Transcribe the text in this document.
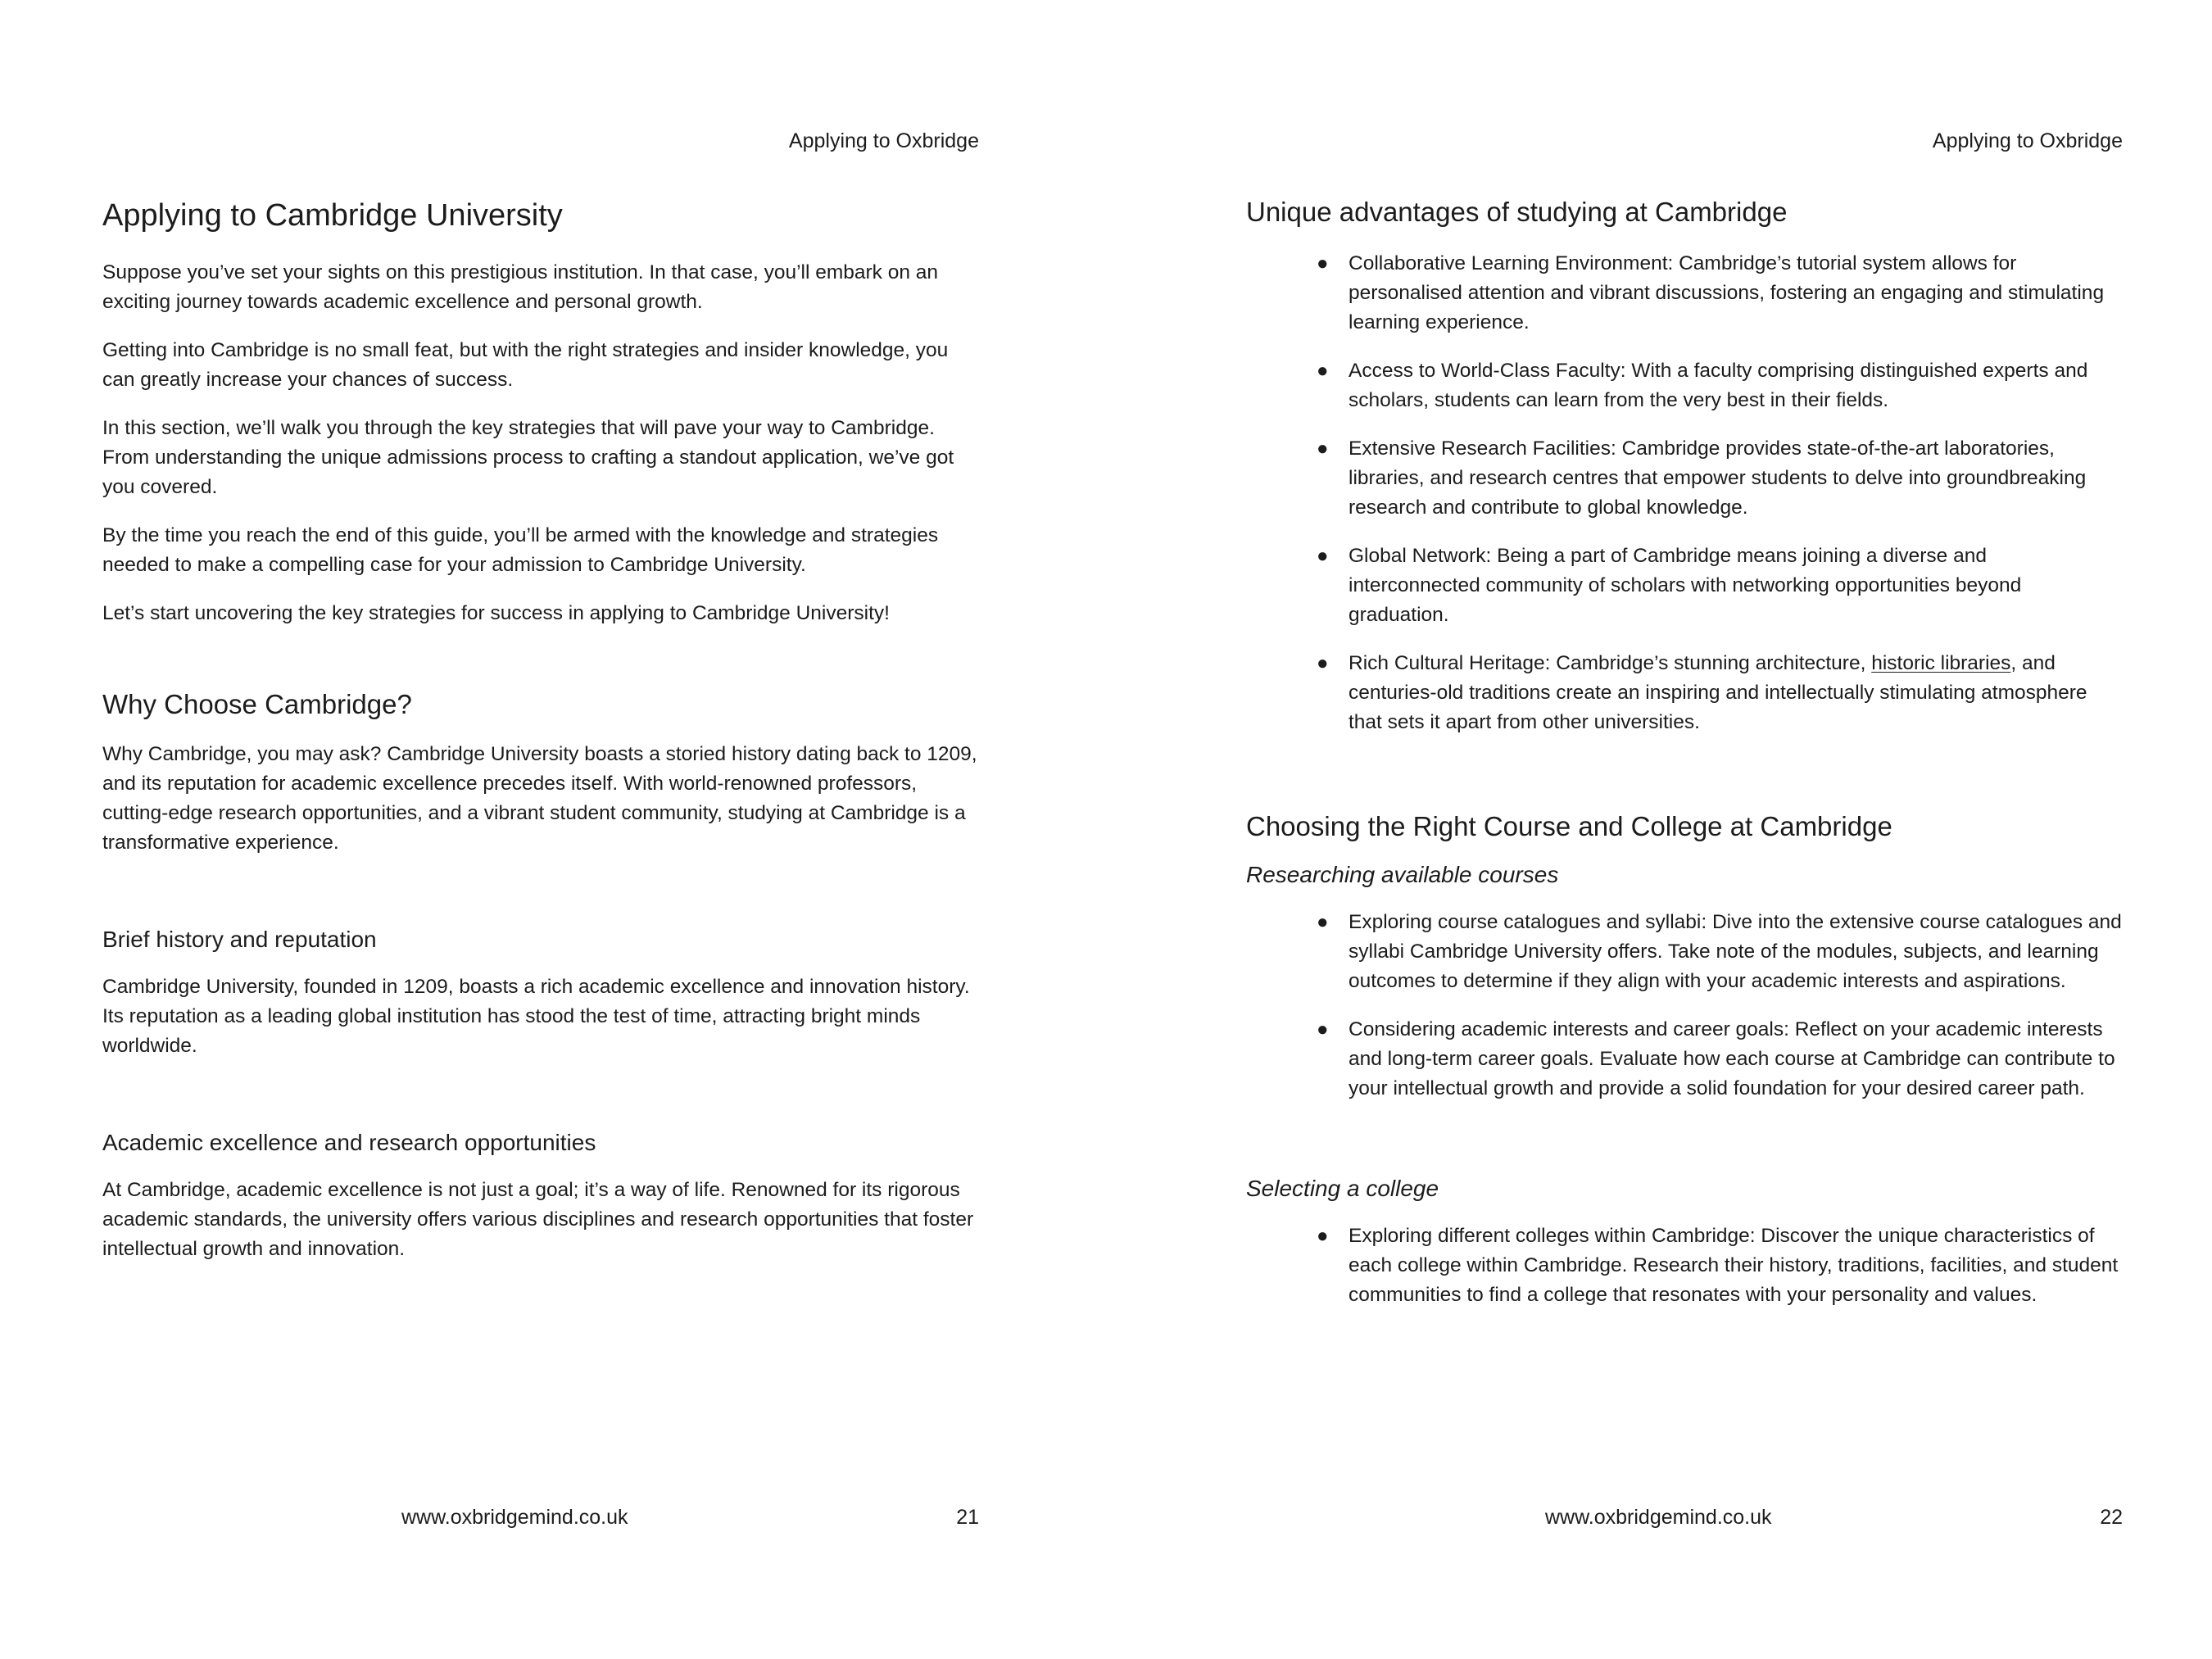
Applying to Oxbridge
Applying to Cambridge University

Suppose you’ve set your sights on this prestigious institution. In that case, you’ll embark on an exciting journey towards academic excellence and personal growth.

Getting into Cambridge is no small feat, but with the right strategies and insider knowledge, you can greatly increase your chances of success.

In this section, we’ll walk you through the key strategies that will pave your way to Cambridge. From understanding the unique admissions process to crafting a standout application, we’ve got you covered.

By the time you reach the end of this guide, you’ll be armed with the knowledge and strategies needed to make a compelling case for your admission to Cambridge University.

Let’s start uncovering the key strategies for success in applying to Cambridge University!

Why Choose Cambridge?

Why Cambridge, you may ask? Cambridge University boasts a storied history dating back to 1209, and its reputation for academic excellence precedes itself. With world-renowned professors, cutting-edge research opportunities, and a vibrant student community, studying at Cambridge is a transformative experience.

Brief history and reputation

Cambridge University, founded in 1209, boasts a rich academic excellence and innovation history. Its reputation as a leading global institution has stood the test of time, attracting bright minds worldwide.

Academic excellence and research opportunities

At Cambridge, academic excellence is not just a goal; it’s a way of life. Renowned for its rigorous academic standards, the university offers various disciplines and research opportunities that foster intellectual growth and innovation.

www.oxbridgemind.co.uk	21
Applying to Oxbridge
Unique advantages of studying at Cambridge
● Collaborative Learning Environment: Cambridge’s tutorial system allows for personalised attention and vibrant discussions, fostering an engaging and stimulating learning experience.
● Access to World-Class Faculty: With a faculty comprising distinguished experts and scholars, students can learn from the very best in their fields.
● Extensive Research Facilities: Cambridge provides state-of-the-art laboratories, libraries, and research centres that empower students to delve into groundbreaking research and contribute to global knowledge.
● Global Network: Being a part of Cambridge means joining a diverse and interconnected community of scholars with networking opportunities beyond graduation.
● Rich Cultural Heritage: Cambridge’s stunning architecture, historic libraries, and centuries-old traditions create an inspiring and intellectually stimulating atmosphere that sets it apart from other universities.
Choosing the Right Course and College at Cambridge
Researching available courses
● Exploring course catalogues and syllabi: Dive into the extensive course catalogues and syllabi Cambridge University offers. Take note of the modules, subjects, and learning outcomes to determine if they align with your academic interests and aspirations.
● Considering academic interests and career goals: Reflect on your academic interests and long-term career goals. Evaluate how each course at Cambridge can contribute to your intellectual growth and provide a solid foundation for your desired career path.
Selecting a college
● Exploring different colleges within Cambridge: Discover the unique characteristics of each college within Cambridge. Research their history, traditions, facilities, and student communities to find a college that resonates with your personality and values.
www.oxbridgemind.co.uk	22
